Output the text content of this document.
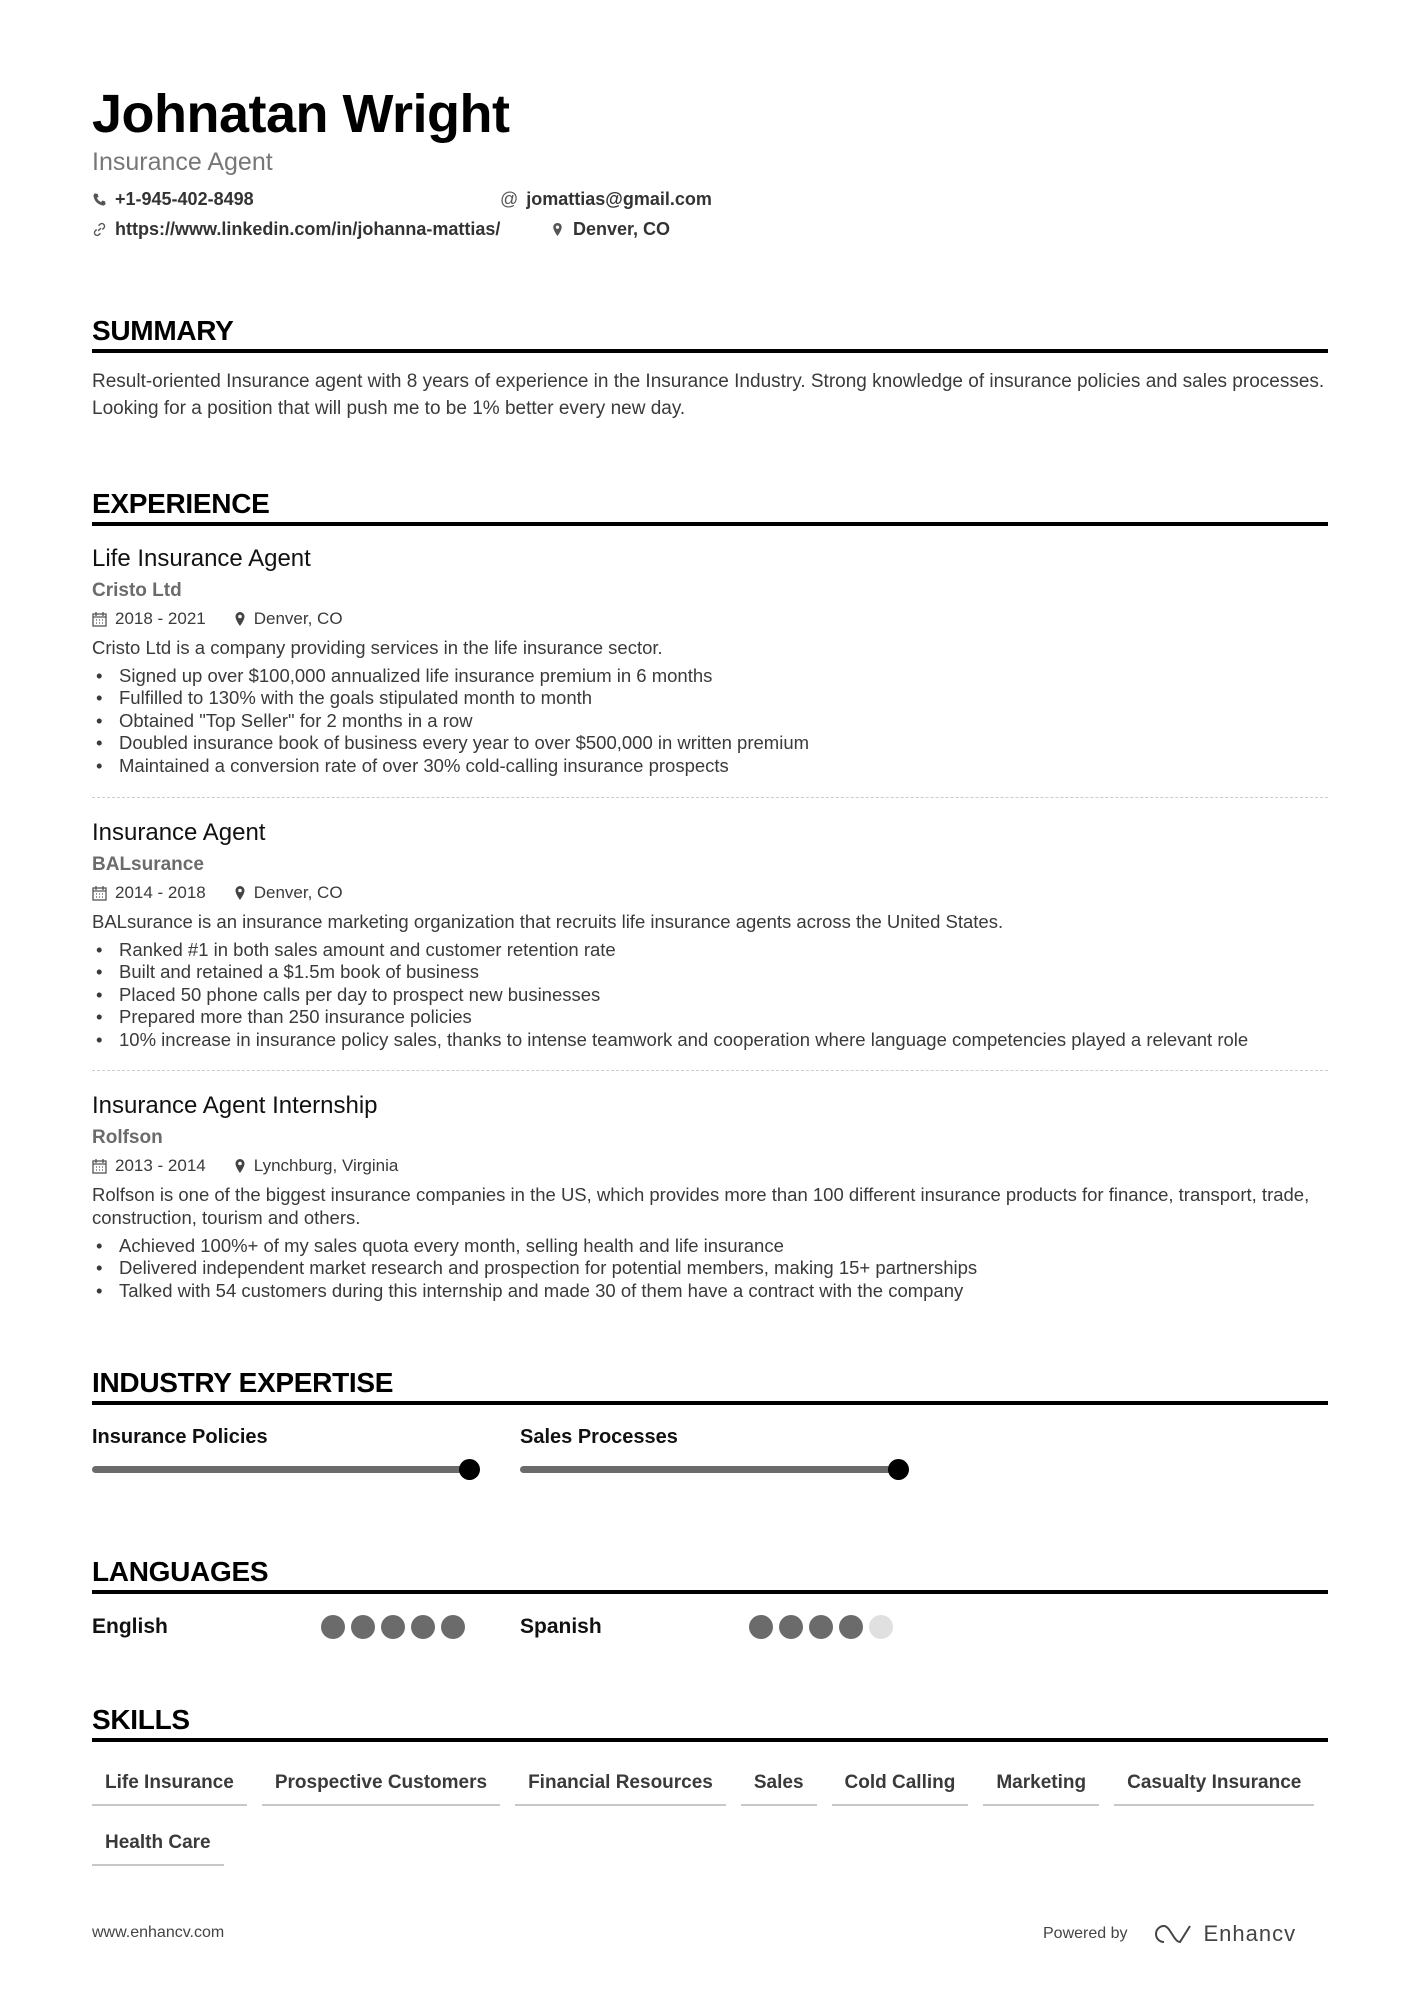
Johnatan Wright
Insurance Agent
+1-945-402-8498	@ jomattias@gmail.com
https://www.linkedin.com/in/johanna-mattias/	Denver, CO
SUMMARY
Result-oriented Insurance agent with 8 years of experience in the Insurance Industry. Strong knowledge of insurance policies and sales processes. Looking for a position that will push me to be 1% better every new day.
EXPERIENCE
Life Insurance Agent
Cristo Ltd
2018 - 2021	Denver, CO
Cristo Ltd is a company providing services in the life insurance sector.
• Signed up over $100,000 annualized life insurance premium in 6 months
• Fulfilled to 130% with the goals stipulated month to month
• Obtained "Top Seller" for 2 months in a row
• Doubled insurance book of business every year to over $500,000 in written premium
• Maintained a conversion rate of over 30% cold-calling insurance prospects
Insurance Agent
BALsurance
2014 - 2018	Denver, CO
BALsurance is an insurance marketing organization that recruits life insurance agents across the United States.
• Ranked #1 in both sales amount and customer retention rate
• Built and retained a $1.5m book of business
• Placed 50 phone calls per day to prospect new businesses
• Prepared more than 250 insurance policies
• 10% increase in insurance policy sales, thanks to intense teamwork and cooperation where language competencies played a relevant role
Insurance Agent Internship
Rolfson
2013 - 2014	Lynchburg, Virginia
Rolfson is one of the biggest insurance companies in the US, which provides more than 100 different insurance products for finance, transport, trade, construction, tourism and others.
• Achieved 100%+ of my sales quota every month, selling health and life insurance
• Delivered independent market research and prospection for potential members, making 15+ partnerships
• Talked with 54 customers during this internship and made 30 of them have a contract with the company
INDUSTRY EXPERTISE
Insurance Policies	Sales Processes
LANGUAGES
English	Spanish
SKILLS
Life Insurance	Prospective Customers	Financial Resources	Sales	Cold Calling	Marketing	Casualty Insurance
Health Care
www.enhancv.com	Powered by	Enhancv
